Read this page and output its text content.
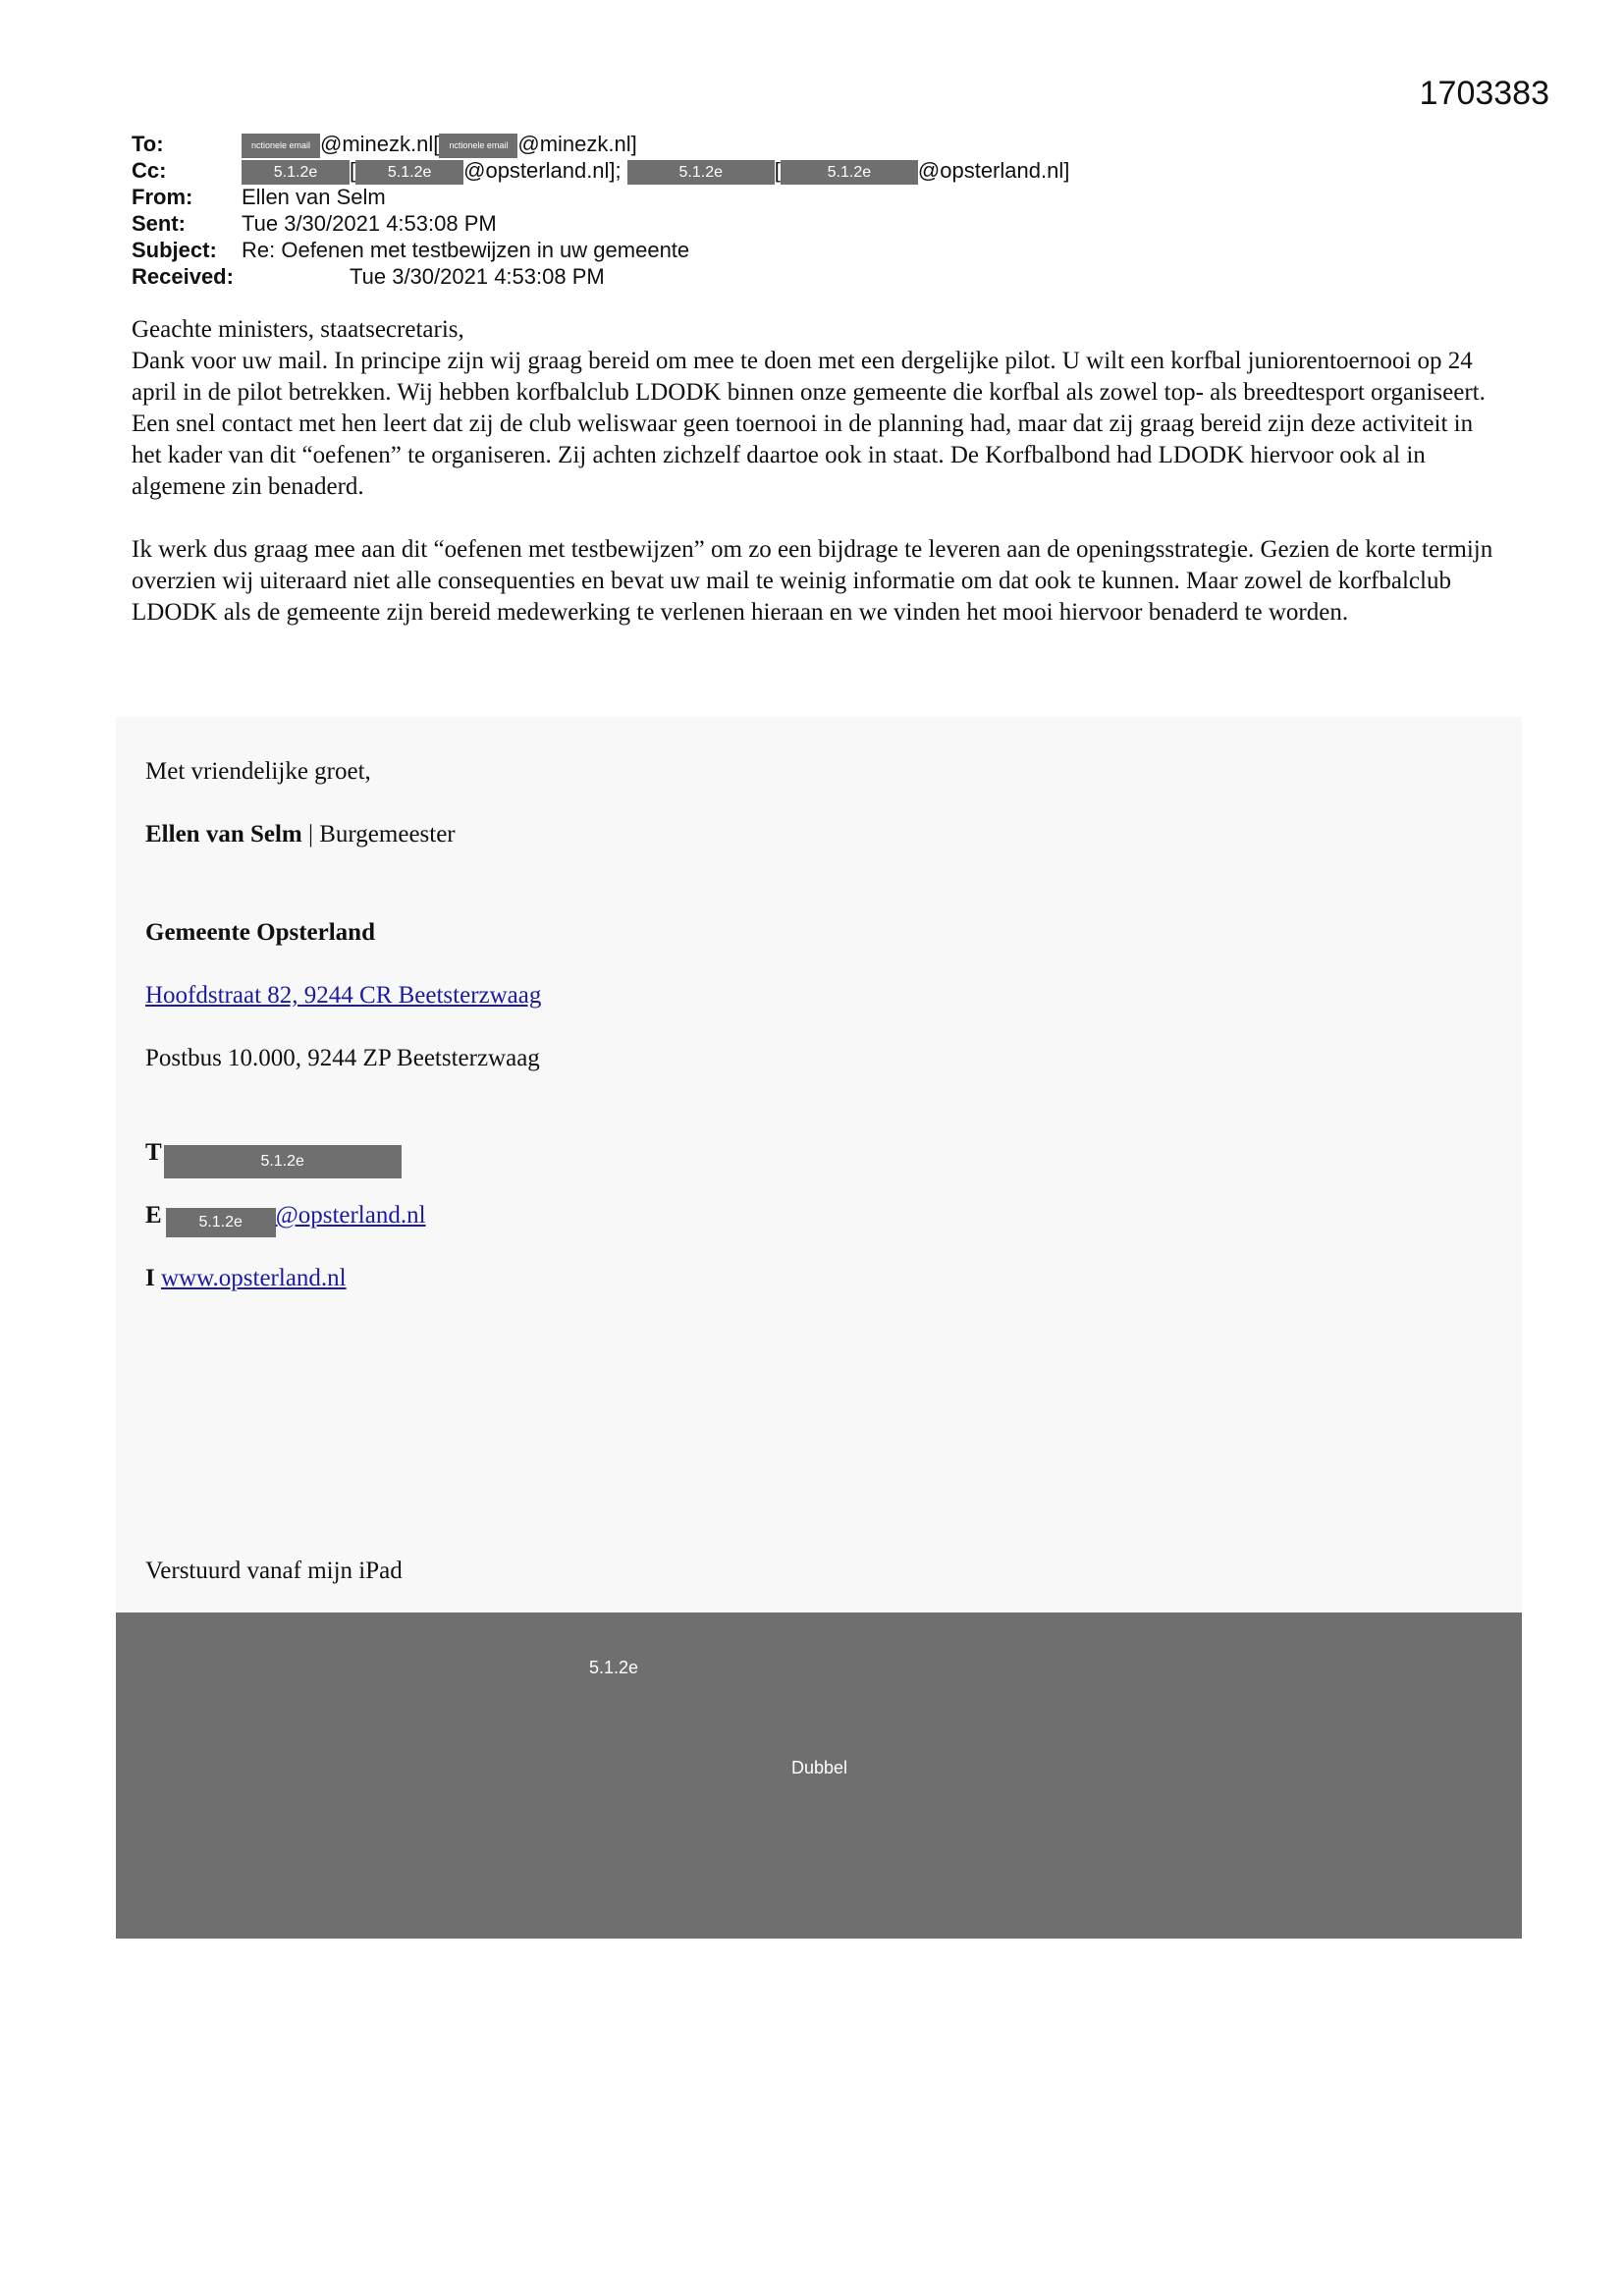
1703383
To:	nctionele email @minezk.nl[ nctionele email @minezk.nl]
Cc:	5.1.2e [ 5.1.2e @opsterland.nl];	5.1.2e [	5.1.2e @opsterland.nl]
From: Ellen van Selm
Sent:	Tue 3/30/2021 4:53:08 PM
Subject: Re: Oefenen met testbewijzen in uw gemeente
Received:	Tue 3/30/2021 4:53:08 PM

Geachte ministers, staatsecretaris,

Dank voor uw mail. In principe zijn wij graag bereid om mee te doen met een dergelijke pilot. U wilt een korfbal juniorentoernooi op 24 april in de pilot betrekken. Wij hebben korfbalclub LDODK binnen onze gemeente die korfbal als zowel top- als breedtesport organiseert. Een snel contact met hen leert dat zij de club weliswaar geen toernooi in de planning had, maar dat zij graag bereid zijn deze activiteit in het kader van dit “oefenen” te organiseren. Zij achten zichzelf daartoe ook in staat. De Korfbalbond had LDODK hiervoor ook al in algemene zin benaderd.

Ik werk dus graag mee aan dit “oefenen met testbewijzen” om zo een bijdrage te leveren aan de openingsstrategie. Gezien de korte termijn overzien wij uiteraard niet alle consequenties en bevat uw mail te weinig informatie om dat ook te kunnen. Maar zowel de korfbalclub LDODK als de gemeente zijn bereid medewerking te verlenen hieraan en we vinden het mooi hiervoor benaderd te worden.

Met vriendelijke groet,
Ellen van Selm | Burgemeester
Gemeente Opsterland
Hoofdstraat 82, 9244 CR Beetsterzwaag
Postbus 10.000, 9244 ZP Beetsterzwaag
T	5.1.2e
E 5.1.2e @opsterland.nl
I www.opsterland.nl
Verstuurd vanaf mijn iPad
5.1.2e
Dubbel
